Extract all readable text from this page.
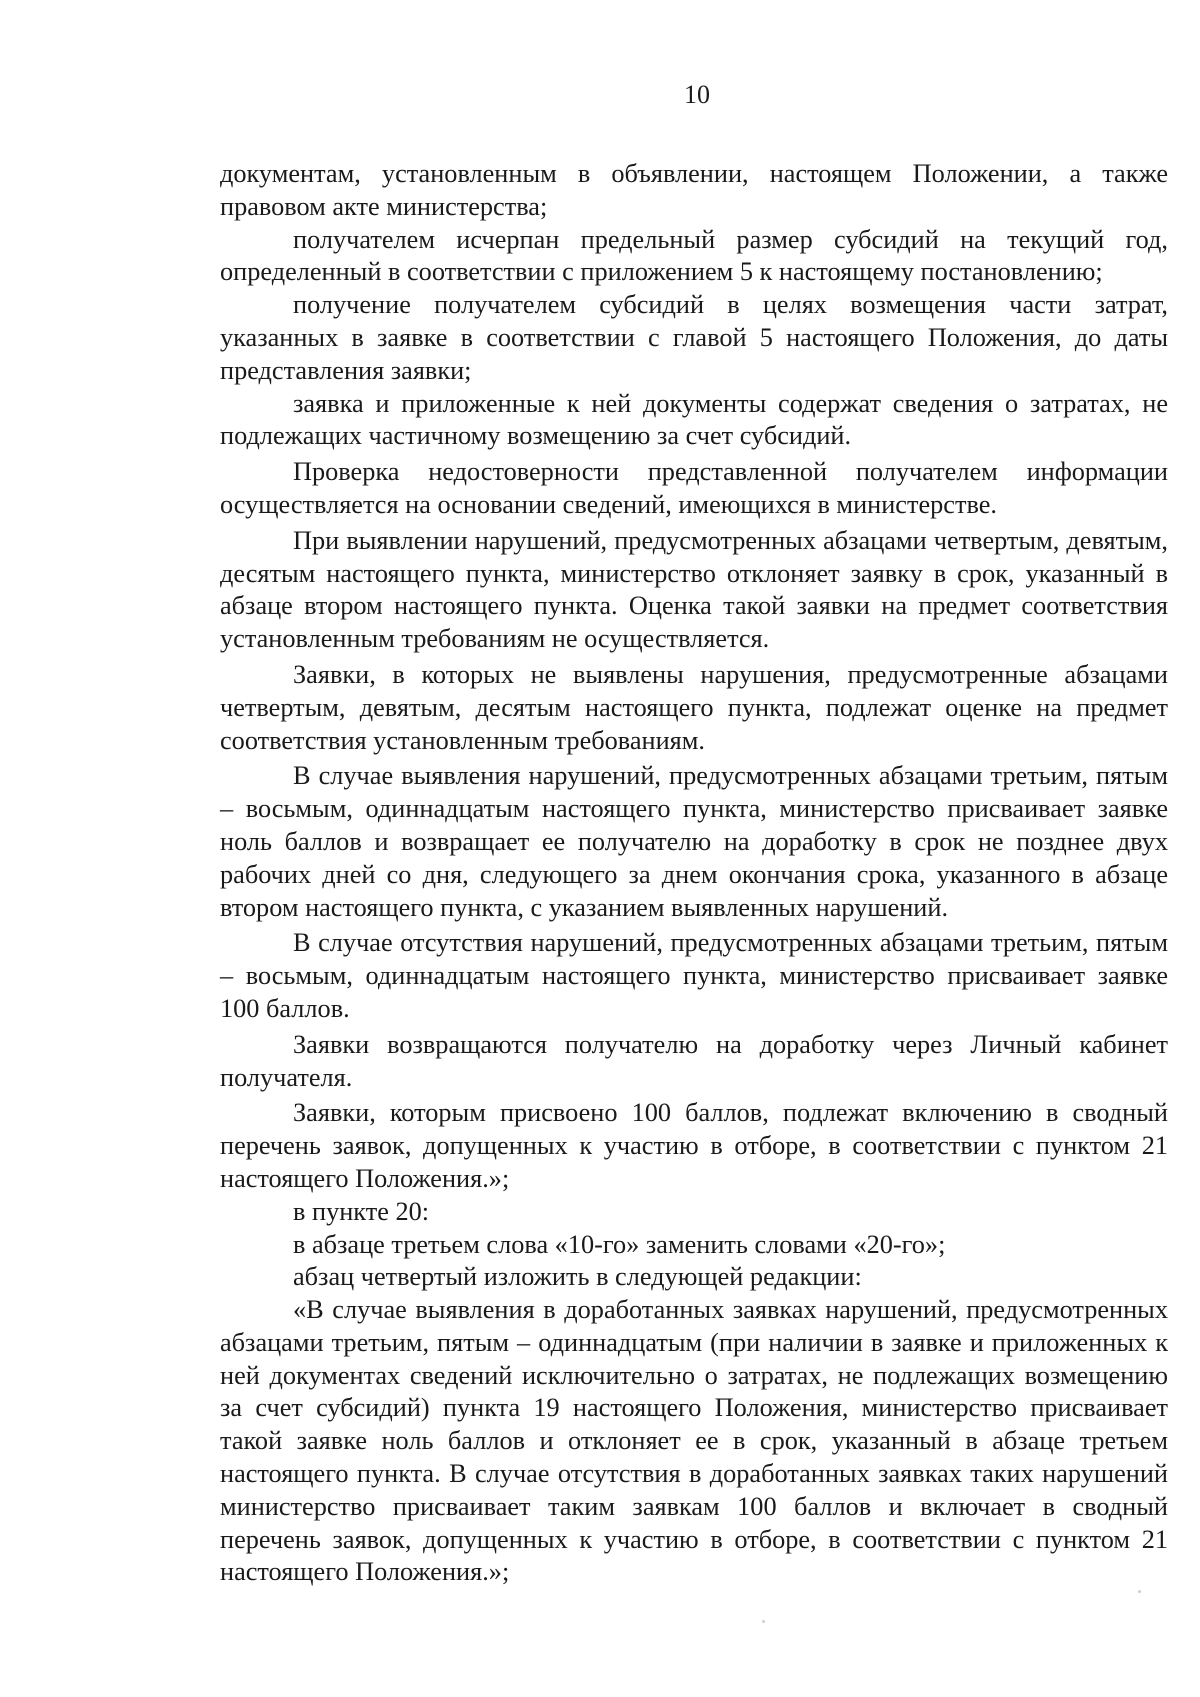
10

документам, установленным в объявлении, настоящем Положении, а также правовом акте министерства;

получателем исчерпан предельный размер субсидий на текущий год, определенный в соответствии с приложением 5 к настоящему постановлению;

получение получателем субсидий в целях возмещения части затрат, указанных в заявке в соответствии с главой 5 настоящего Положения, до даты представления заявки;

заявка и приложенные к ней документы содержат сведения о затратах, не подлежащих частичному возмещению за счет субсидий.

Проверка недостоверности представленной получателем информации осуществляется на основании сведений, имеющихся в министерстве.

При выявлении нарушений, предусмотренных абзацами четвертым, девятым, десятым настоящего пункта, министерство отклоняет заявку в срок, указанный в абзаце втором настоящего пункта. Оценка такой заявки на предмет соответствия установленным требованиям не осуществляется.

Заявки, в которых не выявлены нарушения, предусмотренные абзацами четвертым, девятым, десятым настоящего пункта, подлежат оценке на предмет соответствия установленным требованиям.

В случае выявления нарушений, предусмотренных абзацами третьим, пятым – восьмым, одиннадцатым настоящего пункта, министерство присваивает заявке ноль баллов и возвращает ее получателю на доработку в срок не позднее двух рабочих дней со дня, следующего за днем окончания срока, указанного в абзаце втором настоящего пункта, с указанием выявленных нарушений.

В случае отсутствия нарушений, предусмотренных абзацами третьим, пятым – восьмым, одиннадцатым настоящего пункта, министерство присваивает заявке 100 баллов.

Заявки возвращаются получателю на доработку через Личный кабинет получателя.

Заявки, которым присвоено 100 баллов, подлежат включению в сводный перечень заявок, допущенных к участию в отборе, в соответствии с пунктом 21 настоящего Положения.»;

в пункте 20:

в абзаце третьем слова «10-го» заменить словами «20-го»;

абзац четвертый изложить в следующей редакции:

«В случае выявления в доработанных заявках нарушений, предусмотренных абзацами третьим, пятым – одиннадцатым (при наличии в заявке и приложенных к ней документах сведений исключительно о затратах, не подлежащих возмещению за счет субсидий) пункта 19 настоящего Положения, министерство присваивает такой заявке ноль баллов и отклоняет ее в срок, указанный в абзаце третьем настоящего пункта. В случае отсутствия в доработанных заявках таких нарушений министерство присваивает таким заявкам 100 баллов и включает в сводный перечень заявок, допущенных к участию в отборе, в соответствии с пунктом 21 настоящего Положения.»;
